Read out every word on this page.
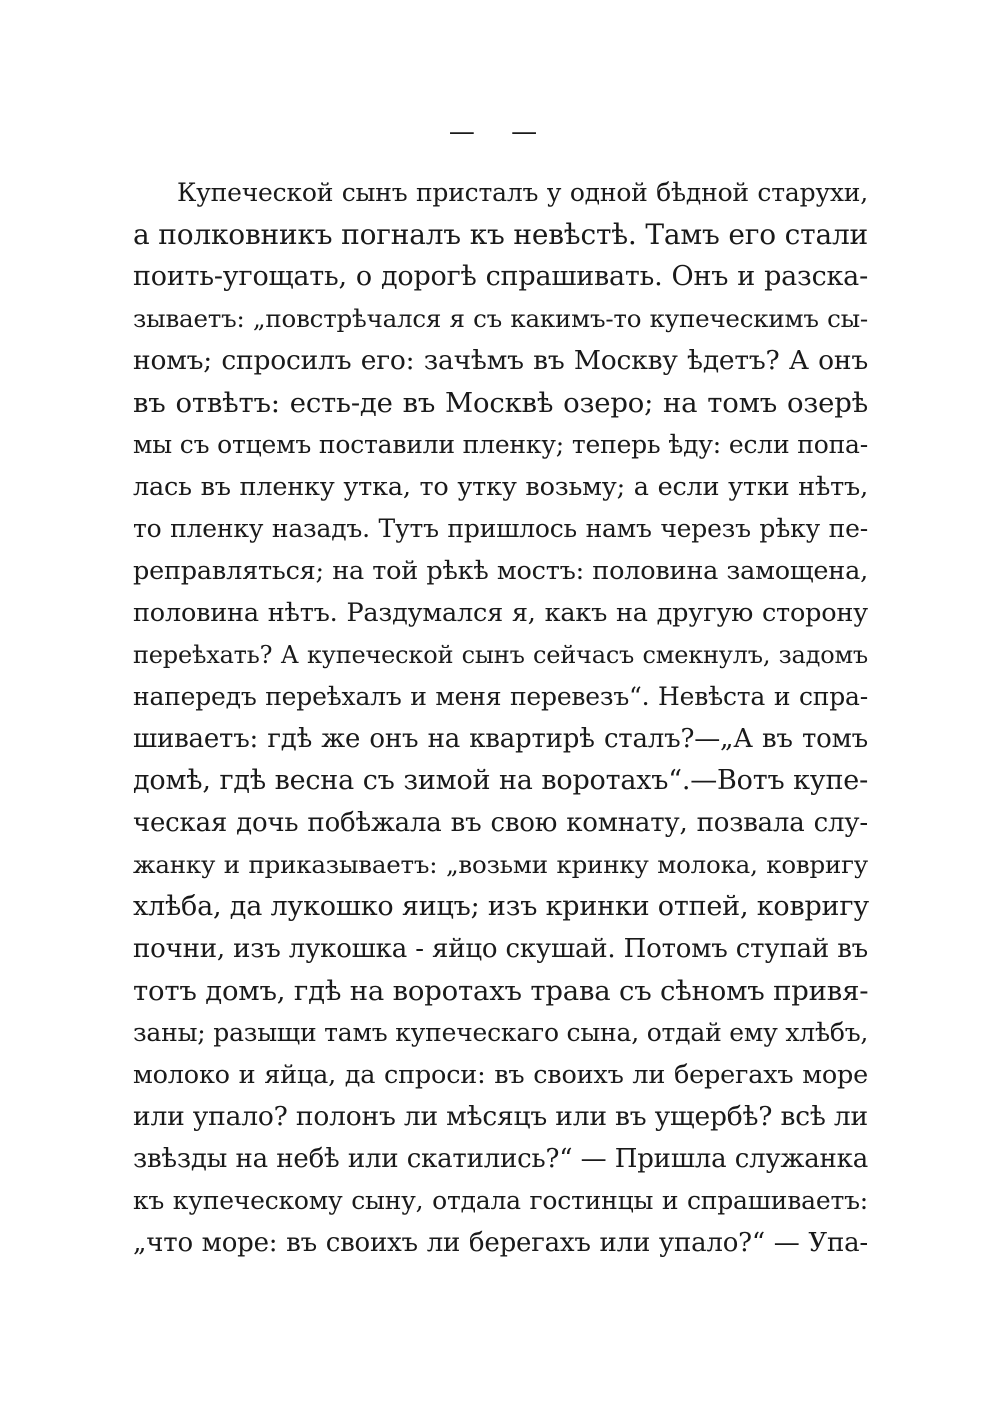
— —
Купеческой сынъ присталъ у одной бѣдной старухи,
а полковникъ погналъ къ невѣстѣ. Тамъ его стали
поить-угощать, о дорогѣ спрашивать. Онъ и разска-
зываетъ: „повстрѣчался я съ какимъ-то купеческимъ сы-
номъ; спросилъ его: зачѣмъ въ Москву ѣдетъ? А онъ
въ отвѣтъ: есть-де въ Москвѣ озеро; на томъ озерѣ
мы съ отцемъ поставили пленку; теперь ѣду: если попа-
лась въ пленку утка, то утку возьму; а если утки нѣтъ,
то пленку назадъ. Тутъ пришлось намъ черезъ рѣку пе-
реправляться; на той рѣкѣ мостъ: половина замощена,
половина нѣтъ. Раздумался я, какъ на другую сторону
переѣхать? А купеческой сынъ сейчасъ смекнулъ, задомъ
напередъ переѣхалъ и меня перевезъ“. Невѣста и спра-
шиваетъ: гдѣ же онъ на квартирѣ сталъ?—„А въ томъ
домѣ, гдѣ весна съ зимой на воротахъ“.—Вотъ купе-
ческая дочь побѣжала въ свою комнату, позвала слу-
жанку и приказываетъ: „возьми кринку молока, ковригу
хлѣба, да лукошко яицъ; изъ кринки отпей, ковригу
почни, изъ лукошка - яйцо скушай. Потомъ ступай въ
тотъ домъ, гдѣ на воротахъ трава съ сѣномъ привя-
заны; разыщи тамъ купеческаго сына, отдай ему хлѣбъ,
молоко и яйца, да спроси: въ своихъ ли берегахъ море
или упало? полонъ ли мѣсяцъ или въ ущербѣ? всѣ ли
звѣзды на небѣ или скатились?“ — Пришла служанка
къ купеческому сыну, отдала гостинцы и спрашиваетъ:
„что море: въ своихъ ли берегахъ или упало?“ — Упа-
